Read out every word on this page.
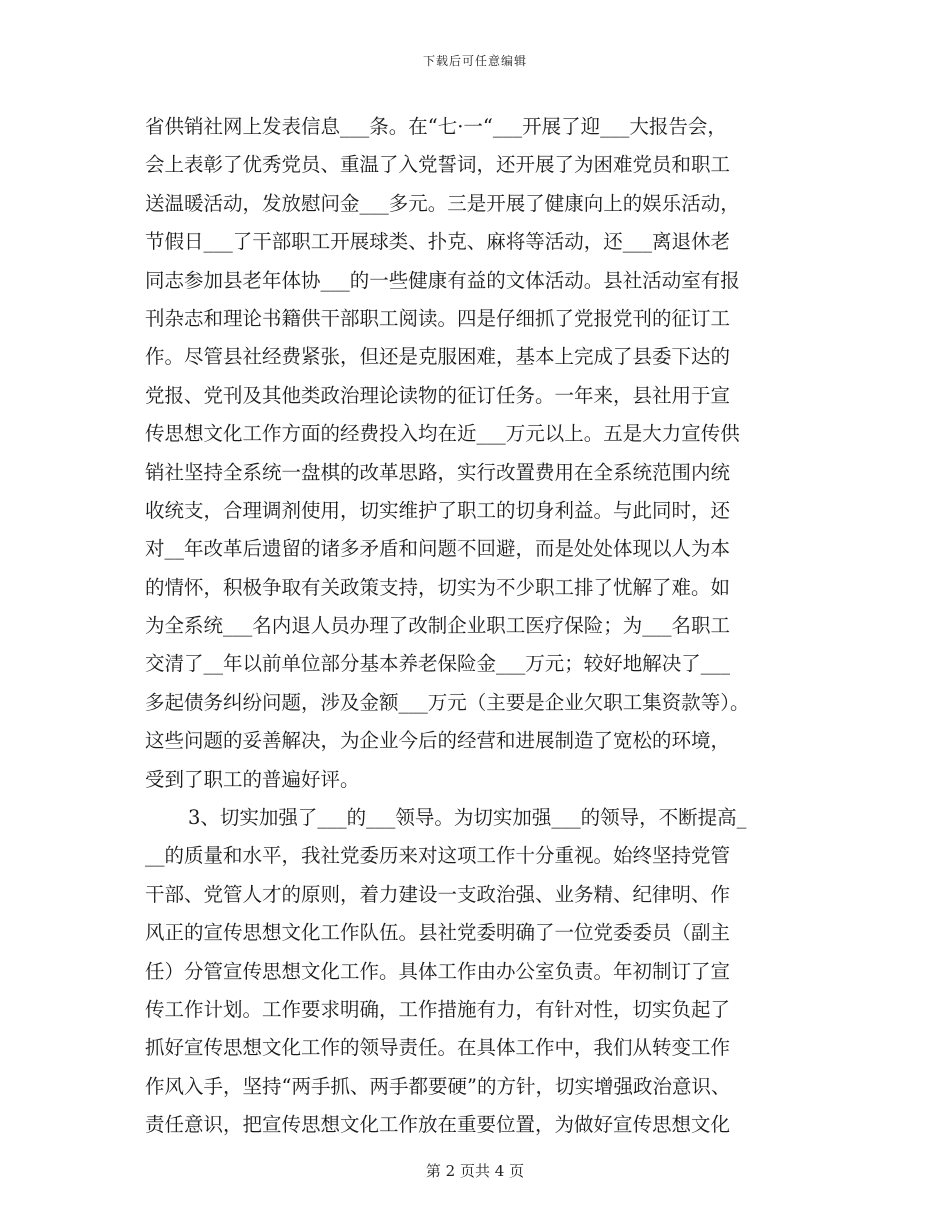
下载后可任意编辑
省供销社网上发表信息___条。在“七·一“___开展了迎___大报告会，
会上表彰了优秀党员、重温了入党誓词，还开展了为困难党员和职工
送温暖活动，发放慰问金___多元。三是开展了健康向上的娱乐活动，
节假日___了干部职工开展球类、扑克、麻将等活动，还___离退休老
同志参加县老年体协___的一些健康有益的文体活动。县社活动室有报
刊杂志和理论书籍供干部职工阅读。四是仔细抓了党报党刊的征订工
作。尽管县社经费紧张，但还是克服困难，基本上完成了县委下达的
党报、党刊及其他类政治理论读物的征订任务。一年来，县社用于宣
传思想文化工作方面的经费投入均在近___万元以上。五是大力宣传供
销社坚持全系统一盘棋的改革思路，实行改置费用在全系统范围内统
收统支，合理调剂使用，切实维护了职工的切身利益。与此同时，还
对__年改革后遗留的诸多矛盾和问题不回避，而是处处体现以人为本
的情怀，积极争取有关政策支持，切实为不少职工排了忧解了难。如
为全系统___名内退人员办理了改制企业职工医疗保险；为___名职工
交清了__年以前单位部分基本养老保险金___万元；较好地解决了___
多起债务纠纷问题，涉及金额___万元（主要是企业欠职工集资款等）。
这些问题的妥善解决，为企业今后的经营和进展制造了宽松的环境，
受到了职工的普遍好评。
3、切实加强了___的___领导。为切实加强___的领导，不断提高_
__的质量和水平，我社党委历来对这项工作十分重视。始终坚持党管
干部、党管人才的原则，着力建设一支政治强、业务精、纪律明、作
风正的宣传思想文化工作队伍。县社党委明确了一位党委委员（副主
任）分管宣传思想文化工作。具体工作由办公室负责。年初制订了宣
传工作计划。工作要求明确，工作措施有力，有针对性，切实负起了
抓好宣传思想文化工作的领导责任。在具体工作中，我们从转变工作
作风入手，坚持“两手抓、两手都要硬”的方针，切实增强政治意识、
责任意识，把宣传思想文化工作放在重要位置，为做好宣传思想文化
第 2 页共 4 页
